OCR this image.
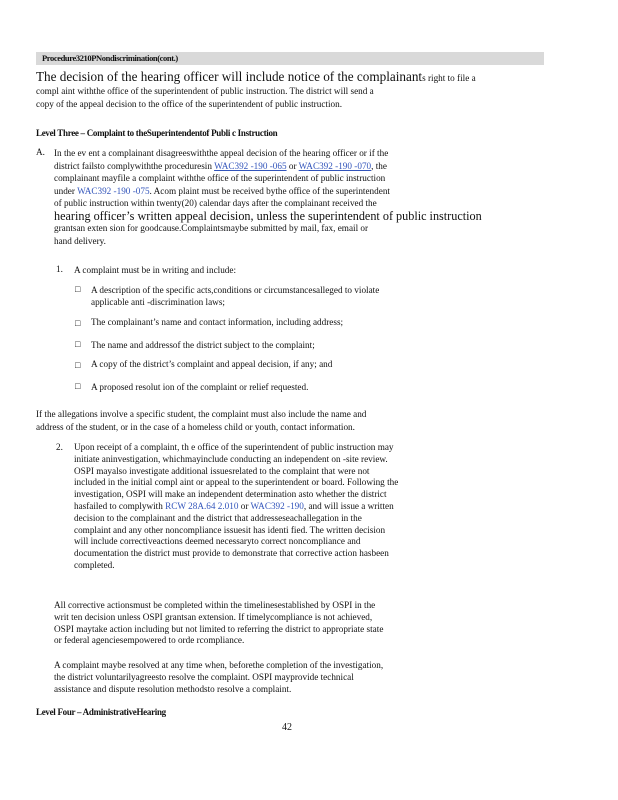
Procedure3210PNondiscrimination(cont.)
The decision of the hearing officer will include notice of the complainants right to file a
compl aint withthe office of the superintendent of public instruction. The district will send a
copy of the appeal decision to the office of the superintendent of public instruction.
Level Three – Complaint to theSuperintendentof Publi c Instruction
A. In the ev ent a complainant disagreeswiththe appeal decision of the hearing officer or if the
district failsto complywiththe proceduresin WAC392 -190 -065 or WAC392 -190 -070, the
complainant mayfile a complaint withthe office of the superintendent of public instruction
under WAC392 -190 -075. Acom plaint must be received bythe office of the superintendent
of public instruction within twenty(20) calendar days after the complainant received the
hearing officer’s written appeal decision, unless the superintendent of public instruction
grantsan exten sion for goodcause.Complaintsmaybe submitted by mail, fax, email or
hand delivery.
1. A complaint must be in writing and include:
□ A description of the specific acts,conditions or circumstancesalleged to violate
applicable anti -discrimination laws;
□ The complainant’s name and contact information, including address;
□ The name and addressof the district subject to the complaint;
□ A copy of the district’s complaint and appeal decision, if any; and
□ A proposed resolut ion of the complaint or relief requested.
If the allegations involve a specific student, the complaint must also include the name and
address of the student, or in the case of a homeless child or youth, contact information.
2. Upon receipt of a complaint, th e office of the superintendent of public instruction may
initiate aninvestigation, whichmayinclude conducting an independent on -site review.
OSPI mayalso investigate additional issuesrelated to the complaint that were not
included in the initial compl aint or appeal to the superintendent or board. Following the
investigation, OSPI will make an independent determination asto whether the district
hasfailed to complywith RCW 28A.64 2.010 or WAC392 -190, and will issue a written
decision to the complainant and the district that addresseseachallegation in the
complaint and any other noncompliance issuesit has identi fied. The written decision
will include correctiveactions deemed necessaryto correct noncompliance and
documentation the district must provide to demonstrate that corrective action hasbeen
completed.
All corrective actionsmust be completed within the timelinesestablished by OSPI in the
writ ten decision unless OSPI grantsan extension. If timelycompliance is not achieved,
OSPI maytake action including but not limited to referring the district to appropriate state
or federal agenciesempowered to orde rcompliance.
A complaint maybe resolved at any time when, beforethe completion of the investigation,
the district voluntarilyagreesto resolve the complaint. OSPI mayprovide technical
assistance and dispute resolution methodsto resolve a complaint.
Level Four – AdministrativeHearing
42
